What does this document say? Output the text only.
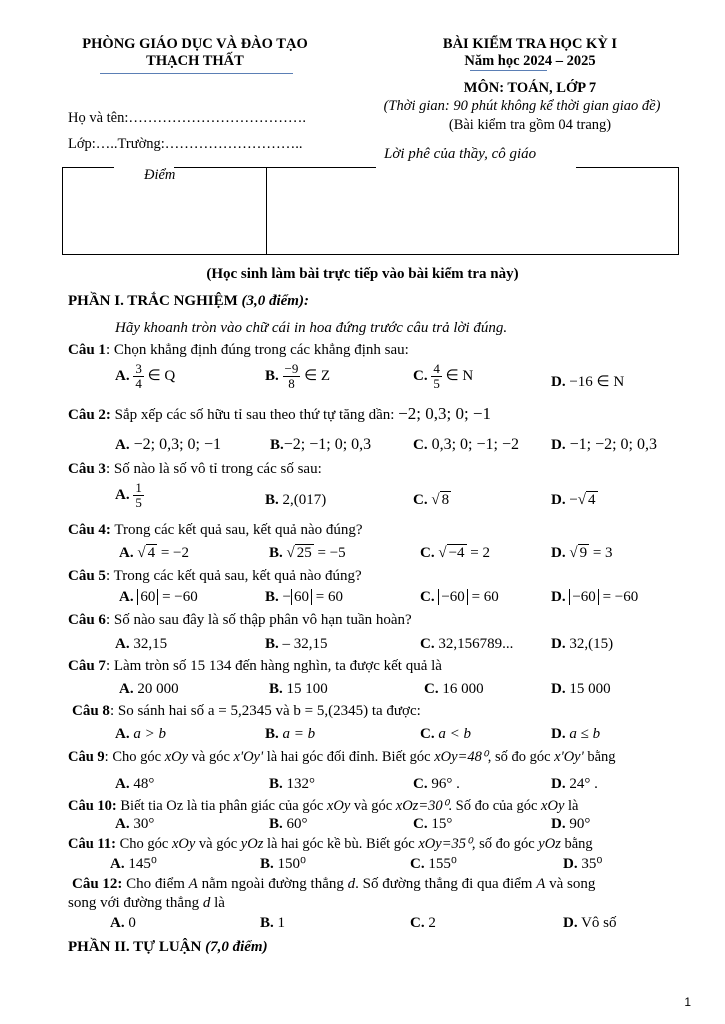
PHÒNG GIÁO DỤC VÀ ĐÀO TẠO
THẠCH THẤT
BÀI KIỂM TRA HỌC KỲ I
Năm học 2024 – 2025
MÔN: TOÁN, LỚP 7
(Thời gian: 90 phút không kể thời gian giao đề)
(Bài kiểm tra gồm 04 trang)
Họ và tên:……………………………….
Lớp:…..Trường:………………………..
Điểm
Lời phê của thầy, cô giáo
(Học sinh làm bài trực tiếp vào bài kiểm tra này)
PHẦN I. TRẮC NGHIỆM (3,0 điểm):
Hãy khoanh tròn vào chữ cái in hoa đứng trước câu trả lời đúng.
Câu 1: Chọn khẳng định đúng trong các khẳng định sau:
A. $\frac{3}{4}$ ∈ Q	B. $\frac{-9}{8}$ ∈ Z	C. $\frac{4}{5}$ ∈ N	D. −16 ∈ N
Câu 2: Sắp xếp các số hữu tỉ sau theo thứ tự tăng dần: −2; 0,3; 0; −1
A. −2; 0,3; 0; −1	B.−2; −1; 0; 0,3	C. 0,3; 0; −1; −2 D. −1; −2; 0; 0,3
Câu 3: Số nào là số vô tỉ trong các số sau:
A. $\frac{1}{5}$	B. 2,(017)	C. √ 8	D. −√ 4
Câu 4: Trong các kết quả sau, kết quả nào đúng?
A. √ 4 = −2	B. √ 25 = −5	C. √ −4 = 2	D. √ 9 = 3
Câu 5: Trong các kết quả sau, kết quả nào đúng?
A. 60 = −60	B. − 60 = 60	C. −60 = 60	D. −60 = −60
Câu 6: Số nào sau đây là số thập phân vô hạn tuần hoàn?
A. 32,15	B. – 32,15	C. 32,156789...	D. 32,(15)
Câu 7: Làm tròn số 15 134 đến hàng nghìn, ta được kết quả là
A. 20 000	B. 15 100	C. 16 000	D. 15 000
Câu 8: So sánh hai số a = 5,2345 và b = 5,(2345) ta được:
A. a > b	B. a = b	C. a < b	D. a ≤ b
Câu 9: Cho góc xOy và góc x'Oy' là hai góc đối đỉnh. Biết góc xOy=48⁰, số đo góc x'Oy' bằng
A. 48°	B. 132°	C. 96° .	D. 24° .
Câu 10: Biết tia Oz là tia phân giác của góc xOy và góc xOz=30⁰. Số đo của góc xOy là
A. 30°	B. 60°	C. 15°	D. 90°
Câu 11: Cho góc xOy và góc yOz là hai góc kề bù. Biết góc xOy=35⁰, số đo góc yOz bằng
A. 145⁰	B. 150⁰	C. 155⁰	D. 35⁰
Câu 12: Cho điểm A nằm ngoài đường thẳng d. Số đường thẳng đi qua điểm A và song
song với đường thẳng d là
A. 0	B. 1	C. 2	D. Vô số
PHẦN II. TỰ LUẬN (7,0 điểm)
1
